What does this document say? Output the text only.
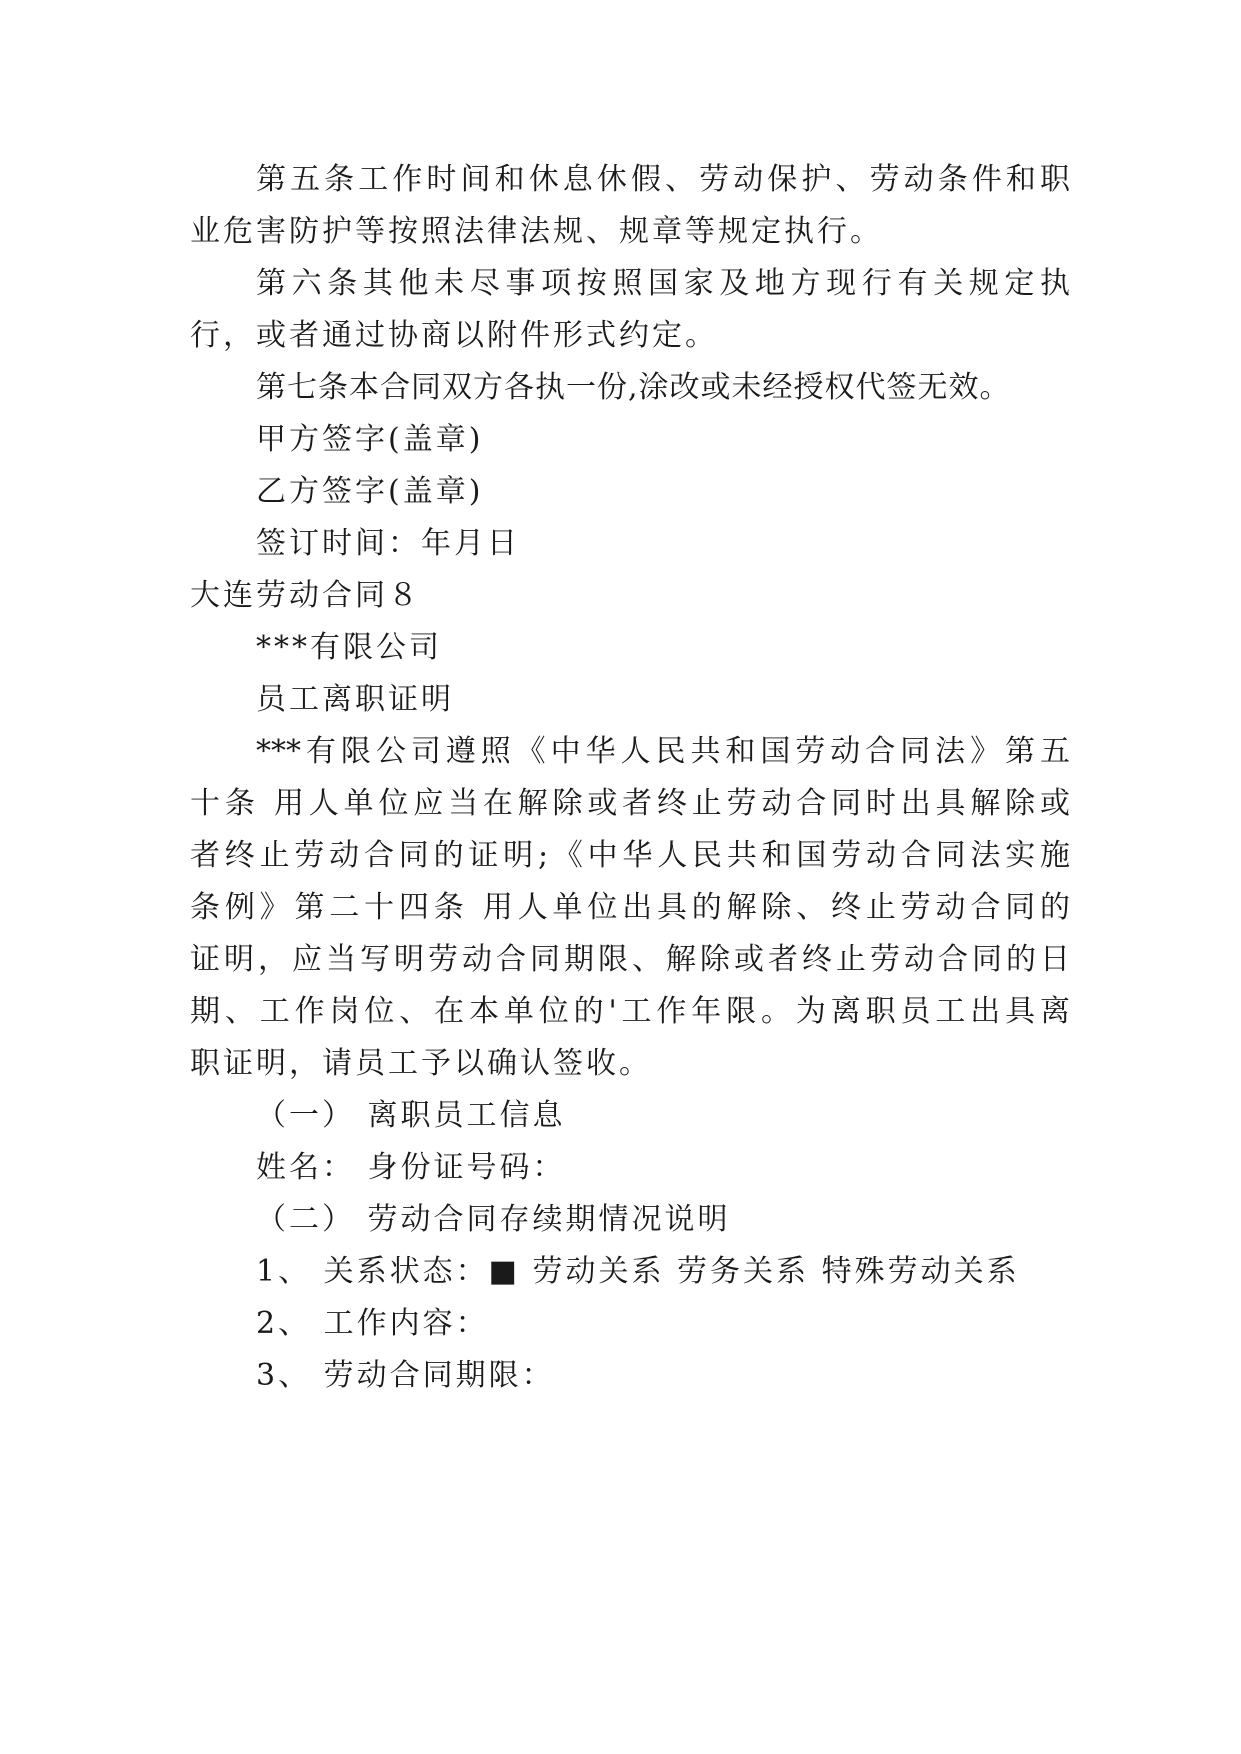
第五条工作时间和休息休假、劳动保护、劳动条件和职
业危害防护等按照法律法规、规章等规定执行。
第六条其他未尽事项按照国家及地方现行有关规定执
行，或者通过协商以附件形式约定。
第七条本合同双方各执一份,涂改或未经授权代签无效。
甲方签字(盖章)
乙方签字(盖章)
签订时间：年月日
大连劳动合同８
***有限公司
员工离职证明
***有限公司遵照《中华人民共和国劳动合同法》第五
十条 用人单位应当在解除或者终止劳动合同时出具解除或
者终止劳动合同的证明;《中华人民共和国劳动合同法实施
条例》第二十四条 用人单位出具的解除、终止劳动合同的
证明，应当写明劳动合同期限、解除或者终止劳动合同的日
期、工作岗位、在本单位的'工作年限。为离职员工出具离
职证明，请员工予以确认签收。
（一） 离职员工信息
姓名： 身份证号码：
（二） 劳动合同存续期情况说明
1、 关系状态：■ 劳动关系 劳务关系 特殊劳动关系
2、 工作内容：
3、 劳动合同期限：
